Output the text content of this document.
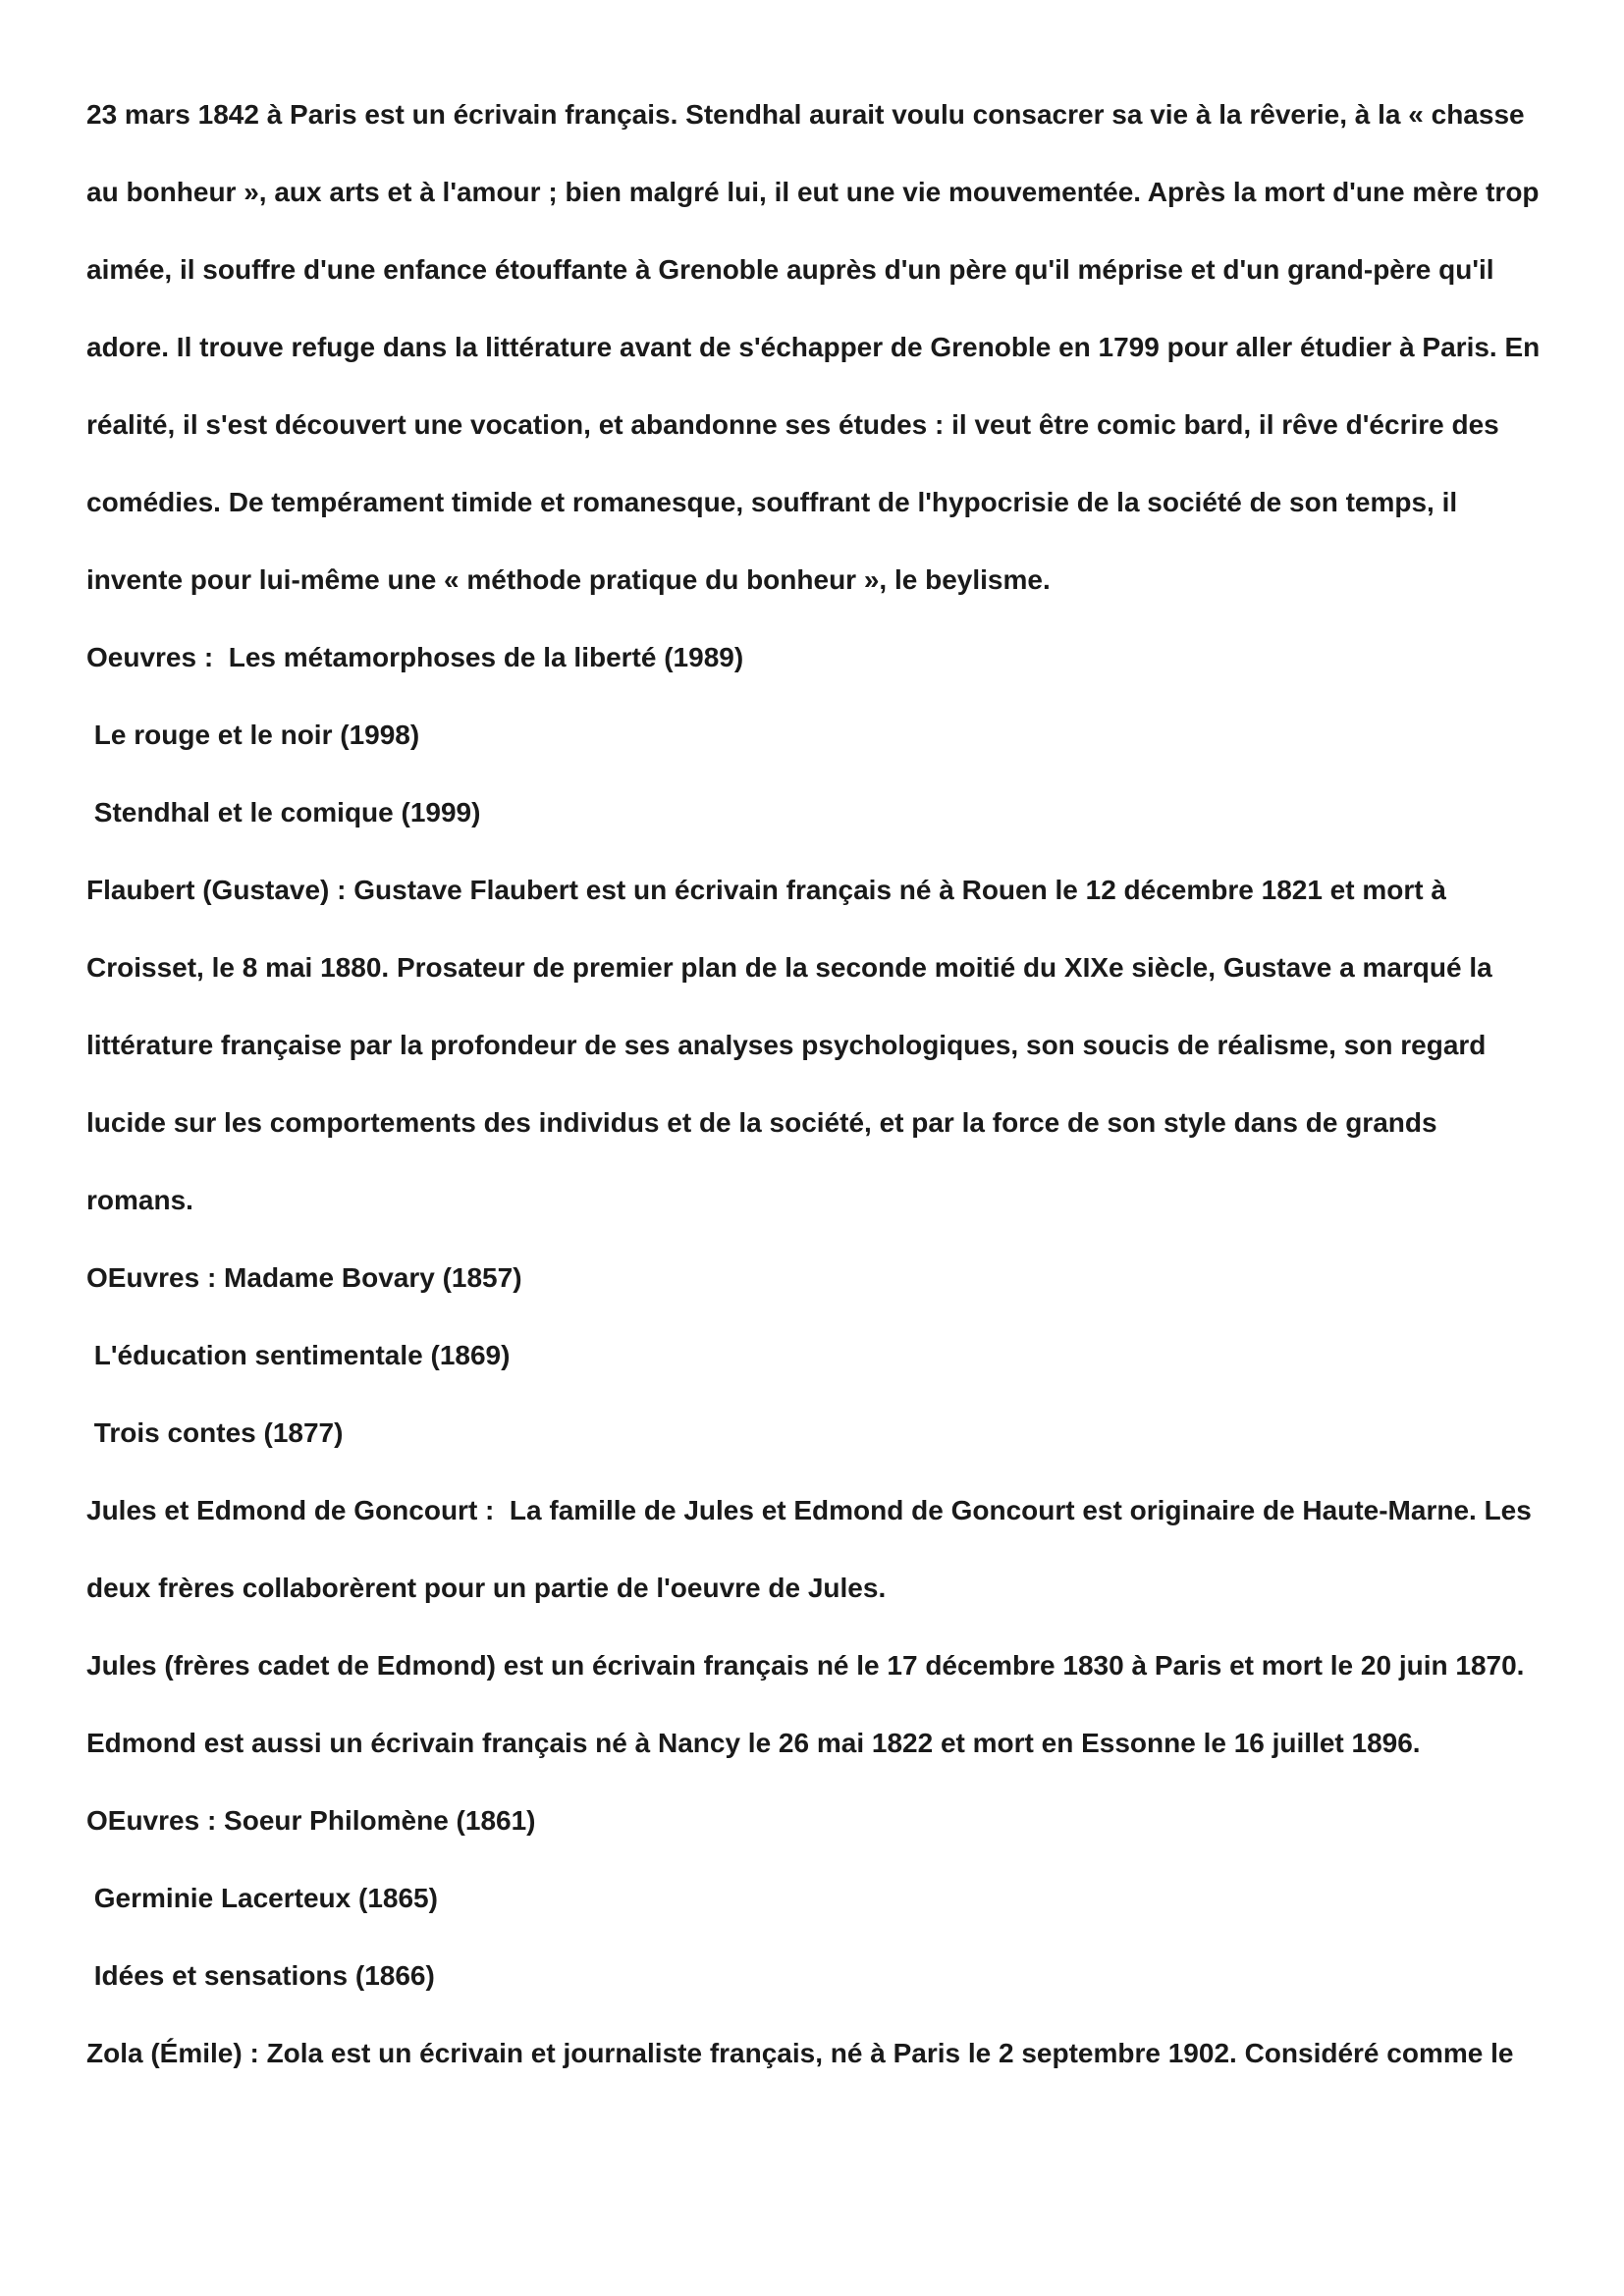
23 mars 1842 à Paris est un écrivain français. Stendhal aurait voulu consacrer sa vie à la rêverie, à la « chasse

au bonheur », aux arts et à l'amour ; bien malgré lui, il eut une vie mouvementée. Après la mort d'une mère trop

aimée, il souffre d'une enfance étouffante à Grenoble auprès d'un père qu'il méprise et d'un grand-père qu'il

adore. Il trouve refuge dans la littérature avant de s'échapper de Grenoble en 1799 pour aller étudier à Paris. En

réalité, il s'est découvert une vocation, et abandonne ses études : il veut être comic bard, il rêve d'écrire des

comédies. De tempérament timide et romanesque, souffrant de l'hypocrisie de la société de son temps, il

invente pour lui-même une « méthode pratique du bonheur », le beylisme.

Oeuvres :  Les métamorphoses de la liberté (1989)

Le rouge et le noir (1998)

Stendhal et le comique (1999)

Flaubert (Gustave) : Gustave Flaubert est un écrivain français né à Rouen le 12 décembre 1821 et mort à

Croisset, le 8 mai 1880. Prosateur de premier plan de la seconde moitié du XIXe siècle, Gustave a marqué la

littérature française par la profondeur de ses analyses psychologiques, son soucis de réalisme, son regard

lucide sur les comportements des individus et de la société, et par la force de son style dans de grands

romans.

OEuvres : Madame Bovary (1857)

L'éducation sentimentale (1869)

Trois contes (1877)

Jules et Edmond de Goncourt :  La famille de Jules et Edmond de Goncourt est originaire de Haute-Marne. Les

deux frères collaborèrent pour un partie de l'oeuvre de Jules.

Jules (frères cadet de Edmond) est un écrivain français né le 17 décembre 1830 à Paris et mort le 20 juin 1870.

Edmond est aussi un écrivain français né à Nancy le 26 mai 1822 et mort en Essonne le 16 juillet 1896.

OEuvres : Soeur Philomène (1861)

Germinie Lacerteux (1865)

Idées et sensations (1866)

Zola (Émile) : Zola est un écrivain et journaliste français, né à Paris le 2 septembre 1902. Considéré comme le
